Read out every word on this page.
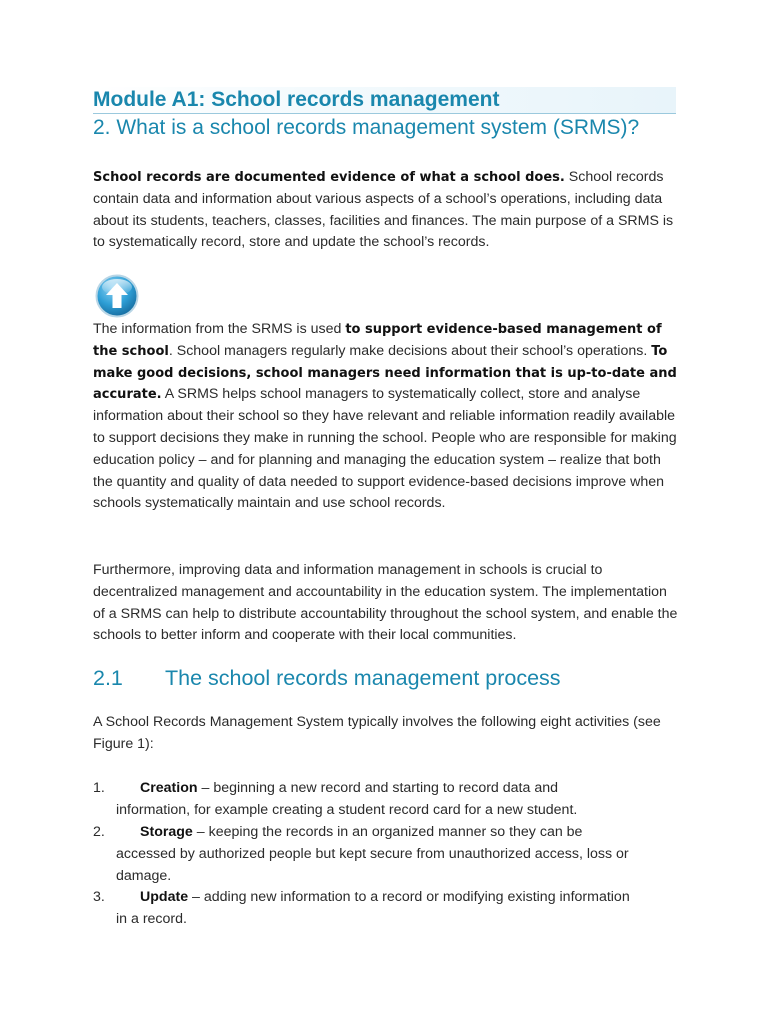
Module A1: School records management
2. What is a school records management system (SRMS)?
School records are documented evidence of what a school does. School records contain data and information about various aspects of a school’s operations, including data about its students, teachers, classes, facilities and finances. The main purpose of a SRMS is to systematically record, store and update the school’s records.
The information from the SRMS is used to support evidence-based management of the school. School managers regularly make decisions about their school’s operations. To make good decisions, school managers need information that is up-to-date and accurate. A SRMS helps school managers to systematically collect, store and analyse information about their school so they have relevant and reliable information readily available to support decisions they make in running the school. People who are responsible for making education policy – and for planning and managing the education system – realize that both the quantity and quality of data needed to support evidence-based decisions improve when schools systematically maintain and use school records.
Furthermore, improving data and information management in schools is crucial to decentralized management and accountability in the education system. The implementation of a SRMS can help to distribute accountability throughout the school system, and enable the schools to better inform and cooperate with their local communities.
2.1 The school records management process
A School Records Management System typically involves the following eight activities (see Figure 1):
1. Creation – beginning a new record and starting to record data and
information, for example creating a student record card for a new student.
2. Storage – keeping the records in an organized manner so they can be
accessed by authorized people but kept secure from unauthorized access, loss or damage.
3. Update – adding new information to a record or modifying existing information
in a record.
